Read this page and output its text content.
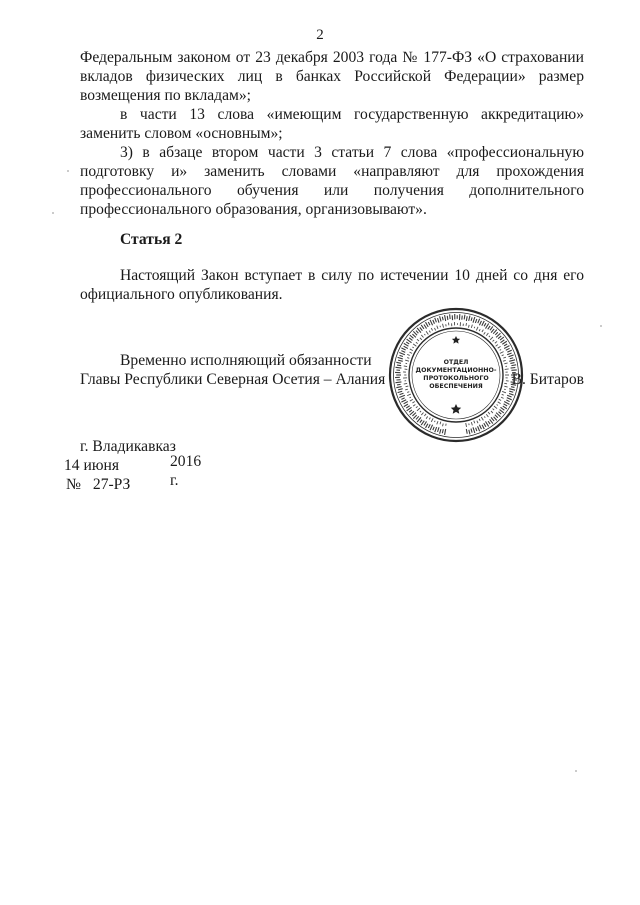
2

Федеральным законом от 23 декабря 2003 года № 177-ФЗ «О страховании вкладов физических лиц в банках Российской Федерации» размер возмещения по вкладам»;

в части 13 слова «имеющим государственную аккредитацию» заменить словом «основным»;

3) в абзаце втором части 3 статьи 7 слова «профессиональную подготовку и» заменить словами «направляют для прохождения профессионального обучения или получения дополнительного профессионального образования, организовывают».

Статья 2

Настоящий Закон вступает в силу по истечении 10 дней со дня его официального опубликования.

Временно исполняющий обязанности
Главы Республики Северная Осетия – Алания	В. Битаров
ОТДЕЛ
ДОКУМЕНТАЦИОННО-
ПРОТОКОЛЬНОГО
ОБЕСПЕЧЕНИЯ
г. Владикавказ
14 июня	2016 г.
№ 27-РЗ
